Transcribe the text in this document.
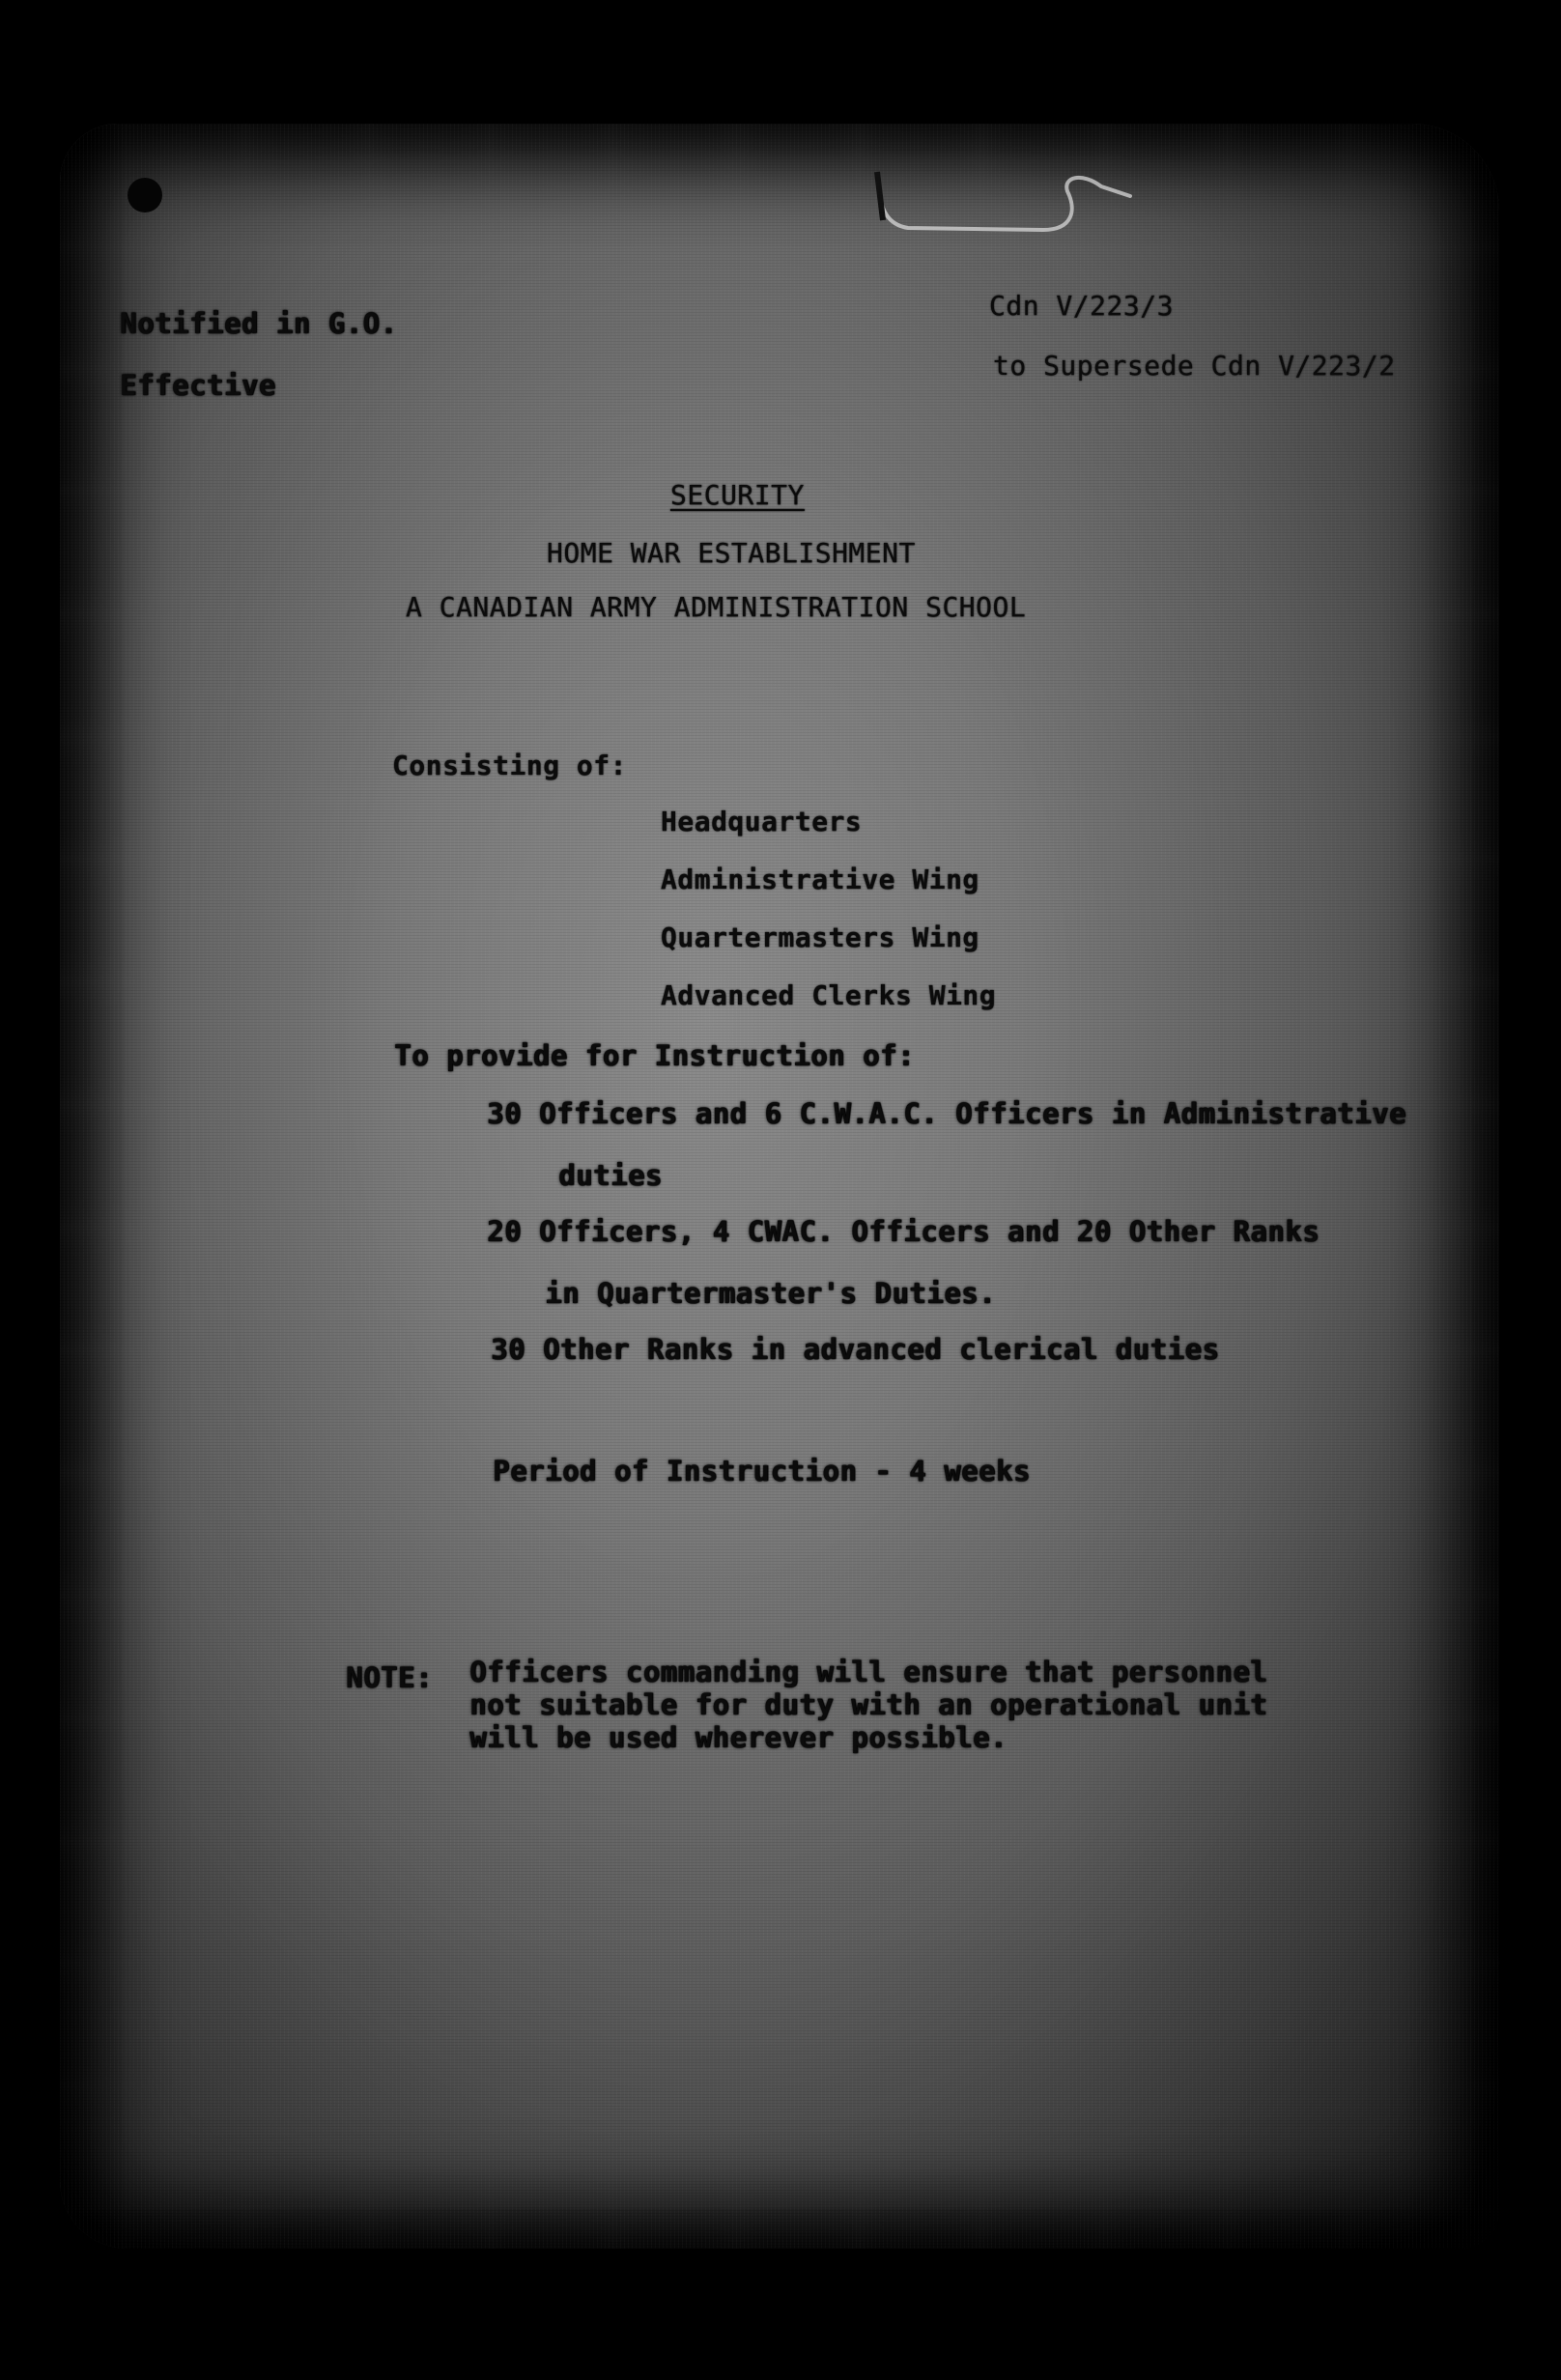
Notified in G.O.
Effective
Cdn V/223/3
to Supersede Cdn V/223/2
SECURITY
HOME WAR ESTABLISHMENT
A CANADIAN ARMY ADMINISTRATION SCHOOL
Consisting of:
Headquarters
Administrative Wing
Quartermasters Wing
Advanced Clerks Wing
To provide for Instruction of:
30 Officers and 6 C.W.A.C. Officers in Administrative
duties
20 Officers, 4 CWAC. Officers and 20 Other Ranks
in Quartermaster's Duties.
30 Other Ranks in advanced clerical duties
Period of Instruction - 4 weeks
NOTE: Officers commanding will ensure that personnel
not suitable for duty with an operational unit
will be used wherever possible.
